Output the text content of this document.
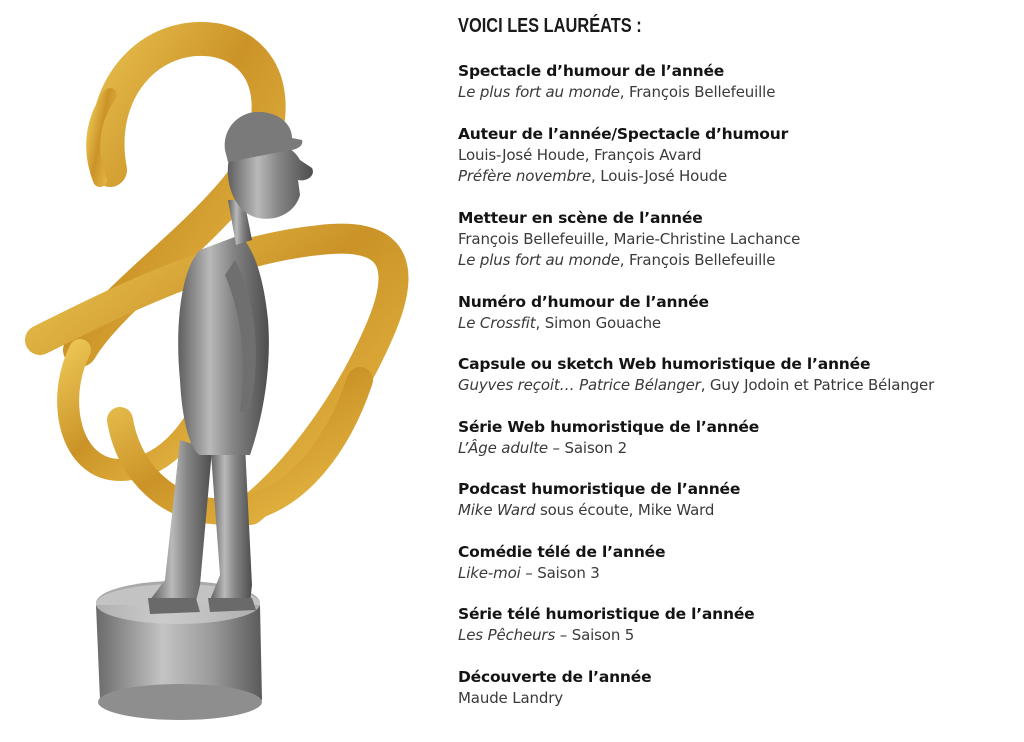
VOICI LES LAURÉATS :
Spectacle d’humour de l’année
Le plus fort au monde, François Bellefeuille
Auteur de l’année/Spectacle d’humour
Louis-José Houde, François Avard
Préfère novembre, Louis-José Houde
Metteur en scène de l’année
François Bellefeuille, Marie-Christine Lachance
Le plus fort au monde, François Bellefeuille
Numéro d’humour de l’année
Le Crossfit, Simon Gouache
Capsule ou sketch Web humoristique de l’année
Guyves reçoit… Patrice Bélanger, Guy Jodoin et Patrice Bélanger
Série Web humoristique de l’année
L’Âge adulte – Saison 2
Podcast humoristique de l’année
Mike Ward sous écoute, Mike Ward
Comédie télé de l’année
Like-moi – Saison 3
Série télé humoristique de l’année
Les Pêcheurs – Saison 5
Découverte de l’année
Maude Landry
